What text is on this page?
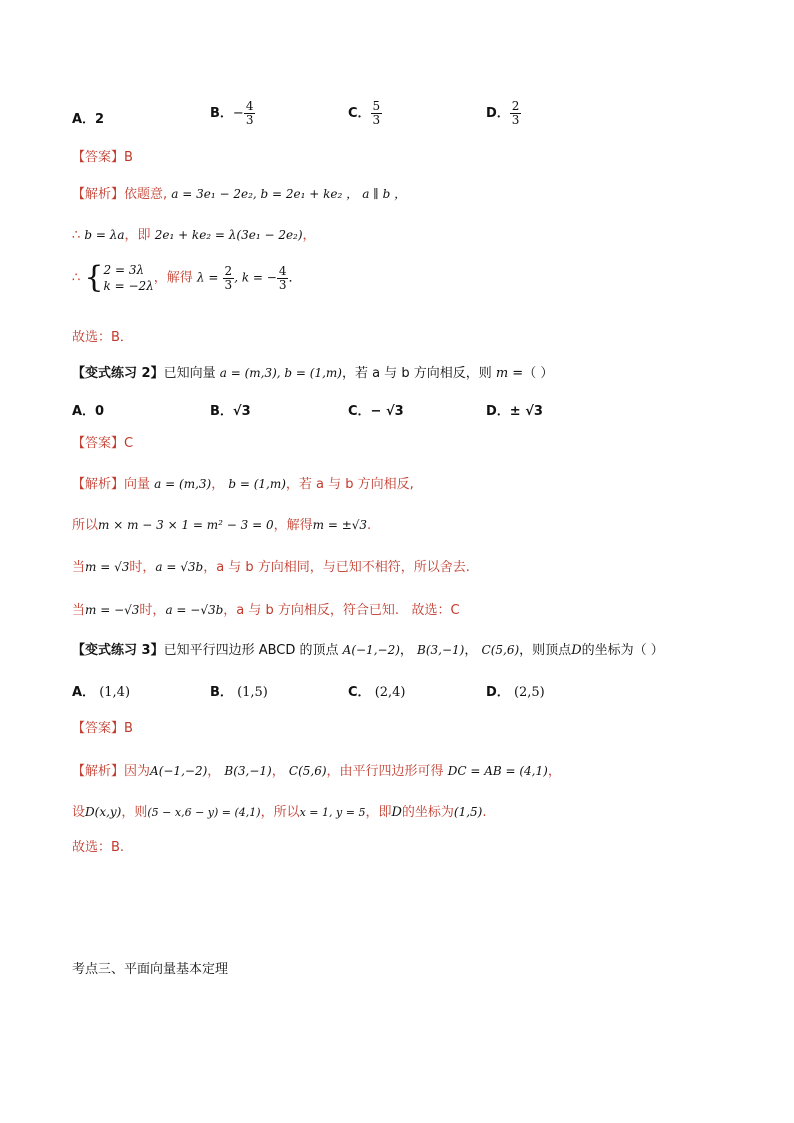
A．2	B．− $\frac{4}{3}$	C． $\frac{5}{3}$	D． $\frac{2}{3}$
【答案】B
【解析】依题意, a = 3e₁ − 2e₂, b = 2e₁ + ke₂ ， a ∥ b ，
∴ b = λa，即 2e₁ + ke₂ = λ(3e₁ − 2e₂)，
∴ { 2 = 3λ
k = −2λ
，解得 $\lambda = \frac{2}{3}$ , k = − $\frac{4}{3}$ ．
故选：B．
【变式练习 2】已知向量 a = (m,3), b = (1,m)，若 a 与 b 方向相反，则 m =（ ）
A．0	B．√3	C．− √3	D．± √3
【答案】C
【解析】向量 a = (m,3)， b = (1,m)，若 a 与 b 方向相反,
所以m × m − 3 × 1 = m² − 3 = 0，解得m = ±√3.
当m = √3时，a = √3b，a 与 b 方向相同，与已知不相符，所以舍去.
当m = −√3时，a = −√3b，a 与 b 方向相反，符合已知. 故选：C
【变式练习 3】已知平行四边形 ABCD 的顶点 A(−1,−2)， B(3,−1)， C(5,6)，则顶点D的坐标为（ ）
A． (1,4)	B． (1,5)	C． (2,4)	D． (2,5)
【答案】B
【解析】因为A(−1,−2)， B(3,−1)， C(5,6)，由平行四边形可得 DC = AB = (4,1)，
设D(x,y)，则(5 − x,6 − y) = (4,1)，所以x = 1, y = 5，即D的坐标为(1,5).
故选：B.
考点三、平面向量基本定理
